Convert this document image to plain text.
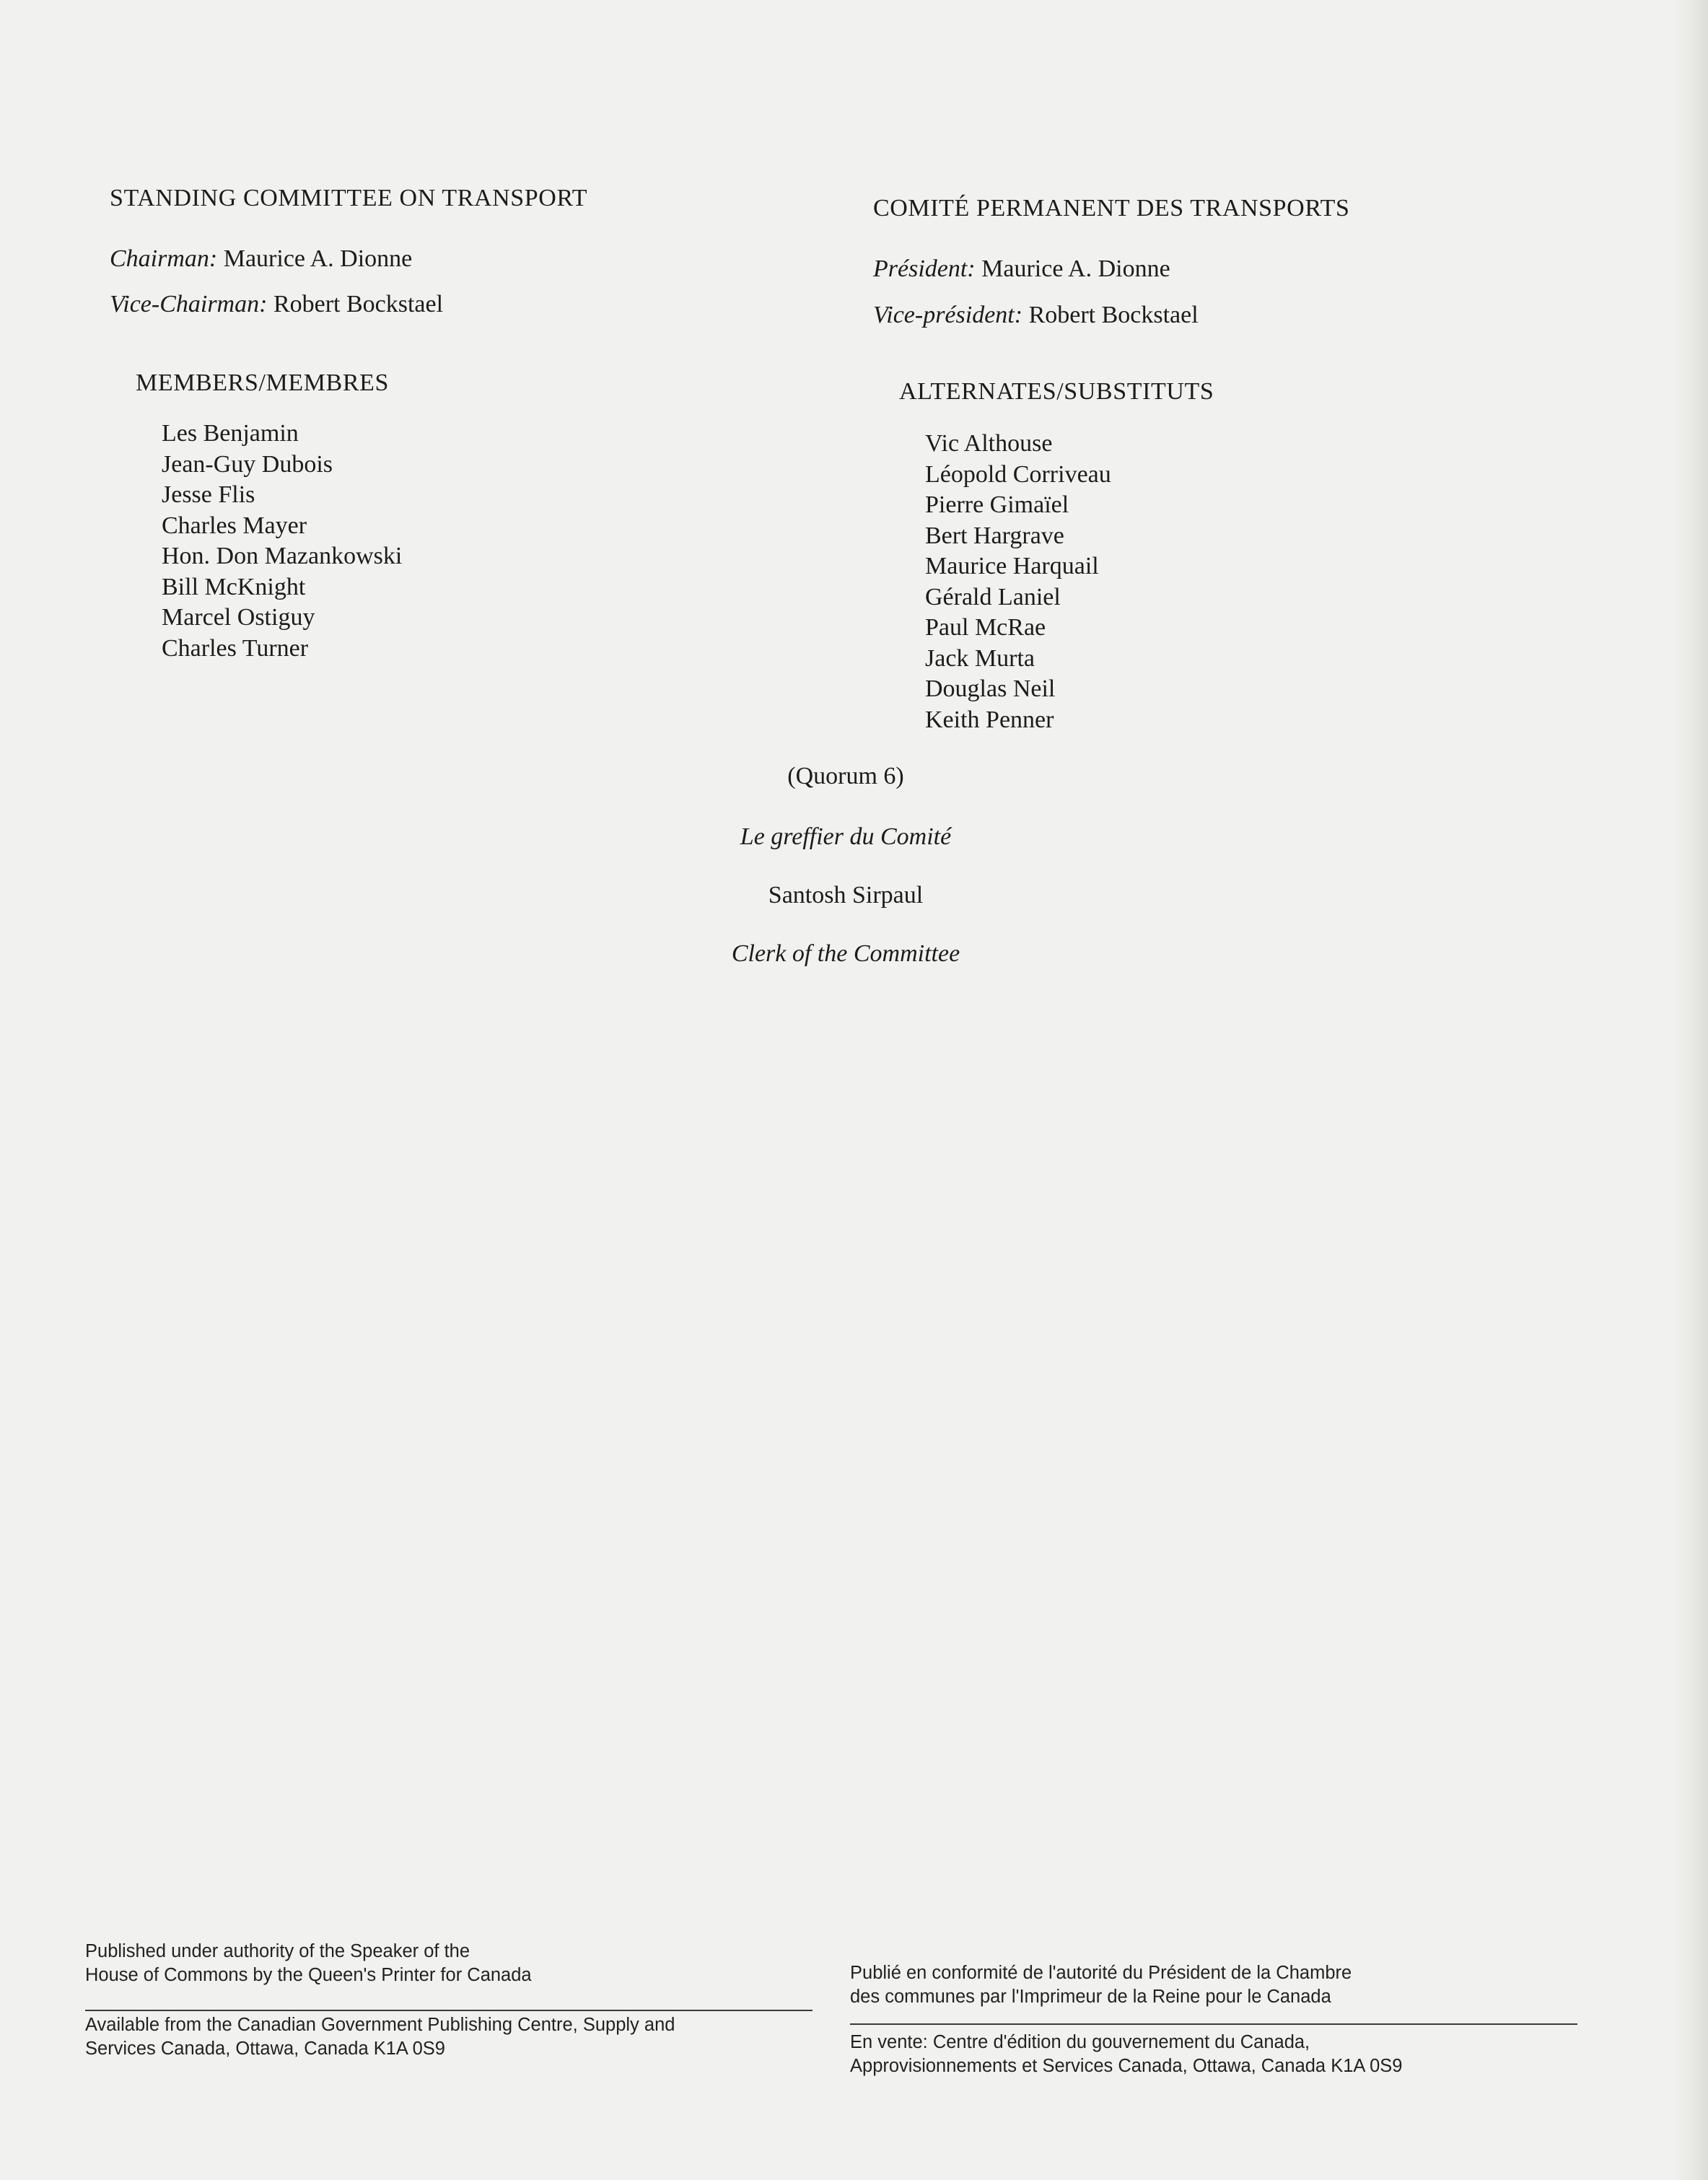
STANDING COMMITTEE ON TRANSPORT
Chairman: Maurice A. Dionne
Vice-Chairman: Robert Bockstael
MEMBERS/MEMBRES
Les Benjamin
Jean-Guy Dubois
Jesse Flis
Charles Mayer
Hon. Don Mazankowski
Bill McKnight
Marcel Ostiguy
Charles Turner
COMITÉ PERMANENT DES TRANSPORTS
Président: Maurice A. Dionne
Vice-président: Robert Bockstael
ALTERNATES/SUBSTITUTS
Vic Althouse
Léopold Corriveau
Pierre Gimaïel
Bert Hargrave
Maurice Harquail
Gérald Laniel
Paul McRae
Jack Murta
Douglas Neil
Keith Penner
(Quorum 6)
Le greffier du Comité
Santosh Sirpaul
Clerk of the Committee
Published under authority of the Speaker of the
House of Commons by the Queen's Printer for Canada
Available from the Canadian Government Publishing Centre, Supply and
Services Canada, Ottawa, Canada K1A 0S9
Publié en conformité de l'autorité du Président de la Chambre
des communes par l'Imprimeur de la Reine pour le Canada
En vente: Centre d'édition du gouvernement du Canada,
Approvisionnements et Services Canada, Ottawa, Canada K1A 0S9
